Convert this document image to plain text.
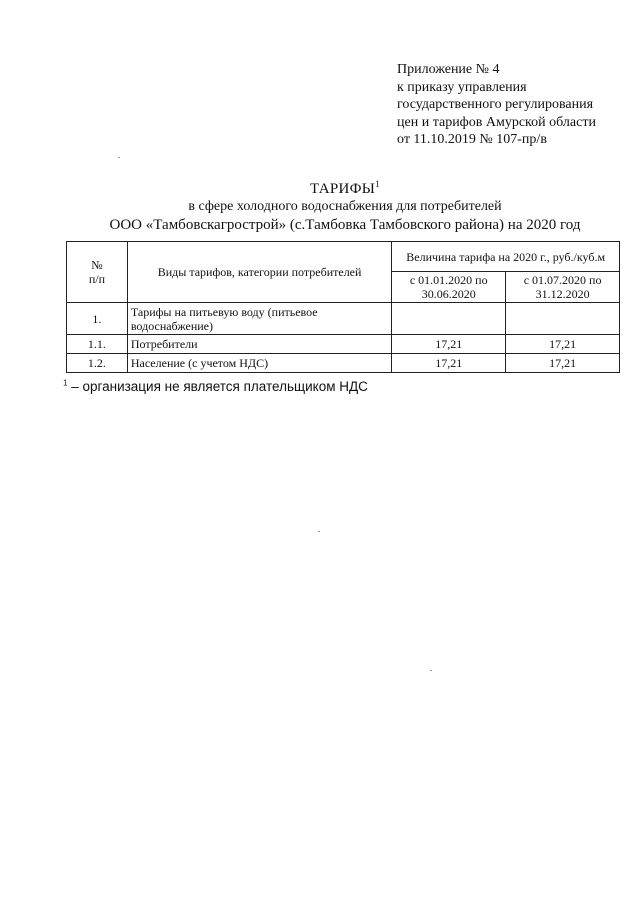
Приложение № 4
к приказу управления
государственного регулирования
цен и тарифов Амурской области
от 11.10.2019 № 107-пр/в
ТАРИФЫ$^1$
в сфере холодного водоснабжения для потребителей
ООО «Тамбовскагрострой» (с.Тамбовка Тамбовского района) на 2020 год
№
п/п	Виды тарифов, категории потребителей	Величина тарифа на 2020 г., руб./куб.м	
		с 01.01.2020 по 30.06.2020	с 01.07.2020 по 31.12.2020
1.	Тарифы на питьевую воду (питьевое водоснабжение)		
1.1.	Потребители	17,21	17,21
1.2.	Население (с учетом НДС)	17,21	17,21
$^1$ – организация не является плательщиком НДС
